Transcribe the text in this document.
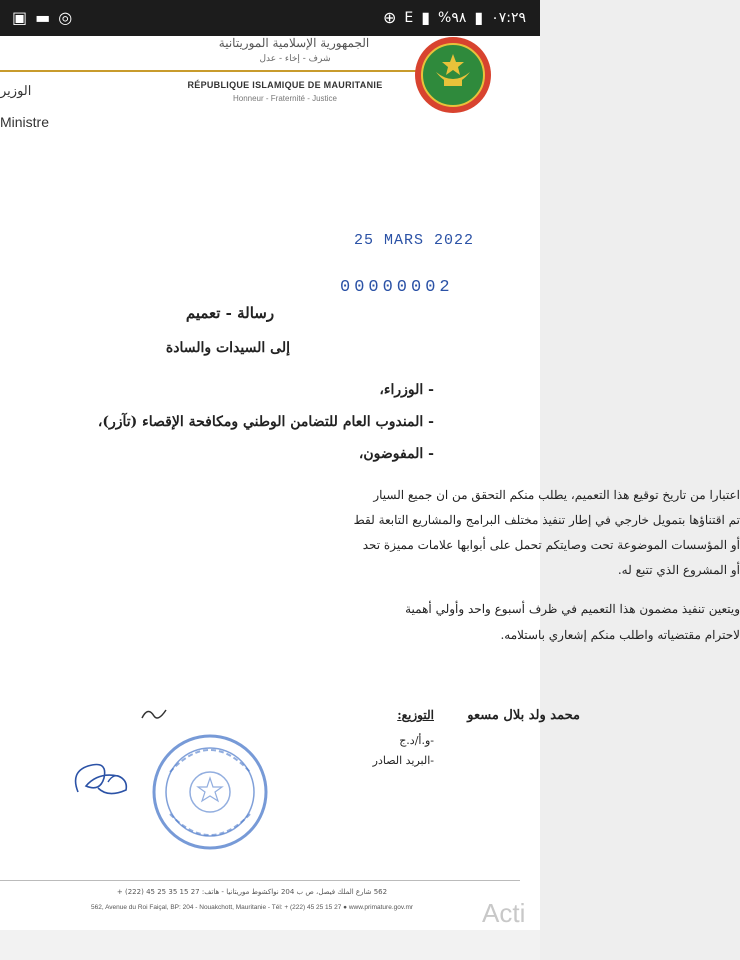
▣ ▬ ◎	⊕ E ▮ %٩٨ ▮ ٠٧:٢٩
الجمهورية الإسلامية الموريتانية
شرف - إخاء - عدل
RÉPUBLIQUE ISLAMIQUE DE MAURITANIE
Honneur - Fraternité - Justice
الوزير
Ministre
25 MARS 2022
00000002
رسالة - تعميم
إلى السيدات والسادة
- الوزراء،
- المندوب العام للتضامن الوطني ومكافحة الإقصاء (تآزر)،
- المفوضون،
اعتبارا من تاريخ توقيع هذا التعميم، يطلب منكم التحقق من ان جميع السيار
تم اقتناؤها بتمويل خارجي في إطار تنفيذ مختلف البرامج والمشاريع التابعة لقط
أو المؤسسات الموضوعة تحت وصايتكم تحمل على أبوابها علامات مميزة تحد
أو المشروع الذي تتبع له.
ويتعين تنفيذ مضمون هذا التعميم في ظرف أسبوع واحد وأولي أهمية
لاحترام مقتضياته واطلب منكم إشعاري باستلامه.
محمد ولد بلال مسعو
التوزيع:
-و.أ/د.ج
-البريد الصادر
562 شارع الملك فيصل، ص ب 204 نواكشوط موريتانيا - هاتف: 27 15 35 25 45 (222) +
562, Avenue du Roi Faiçal, BP: 204 - Nouakchott, Mauritanie - Tél: + (222) 45 25 15 27 ● www.primature.gov.mr	Acti
